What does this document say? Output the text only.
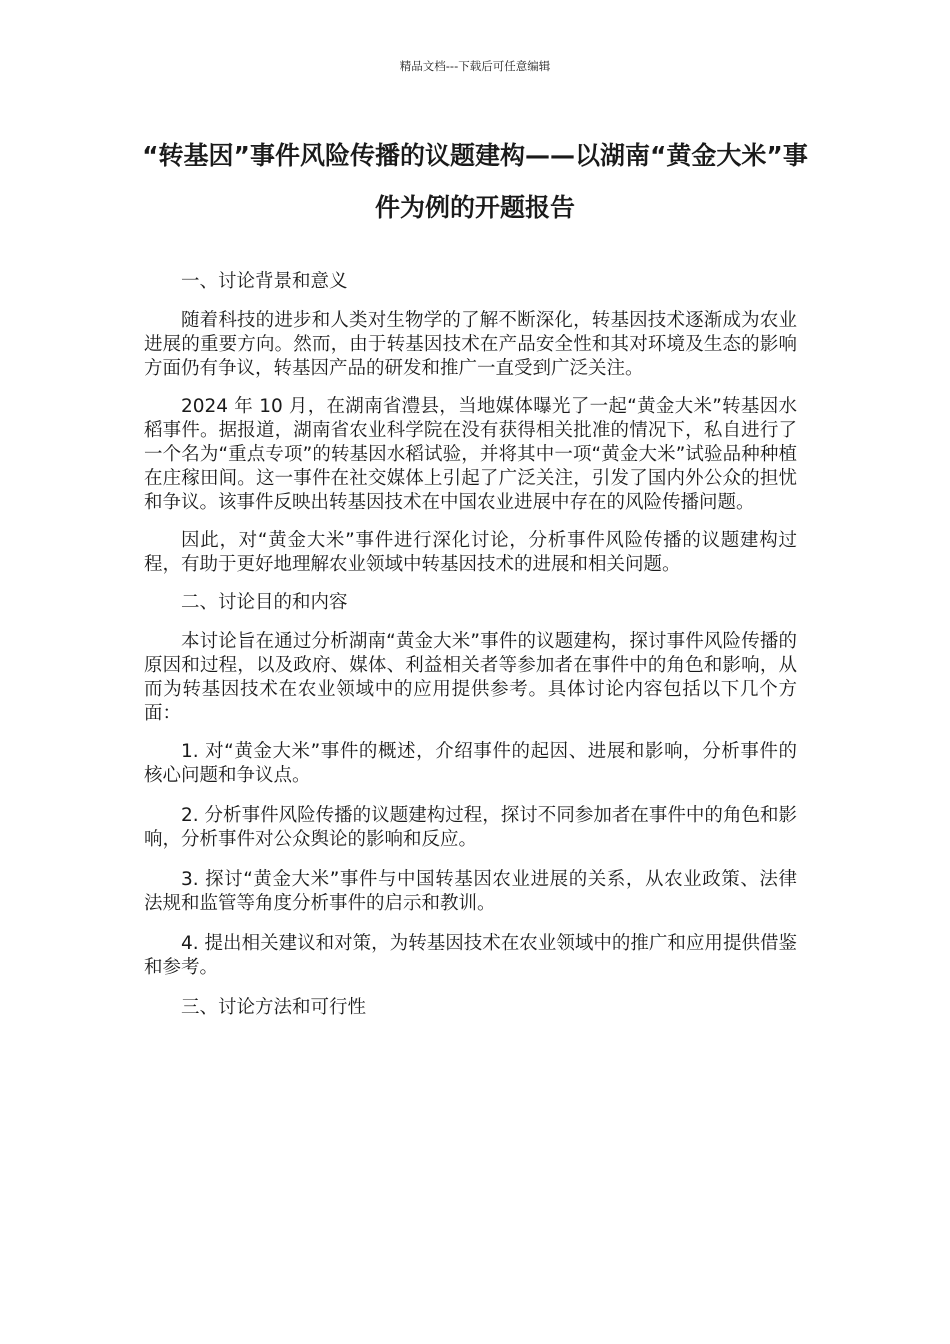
精品文档---下载后可任意编辑
“转基因”事件风险传播的议题建构——以湖南“黄金大米”事件为例的开题报告

一、讨论背景和意义

随着科技的进步和人类对生物学的了解不断深化，转基因技术逐渐成为农业进展的重要方向。然而，由于转基因技术在产品安全性和其对环境及生态的影响方面仍有争议，转基因产品的研发和推广一直受到广泛关注。

2024 年 10 月，在湖南省澧县，当地媒体曝光了一起“黄金大米”转基因水稻事件。据报道，湖南省农业科学院在没有获得相关批准的情况下，私自进行了一个名为“重点专项”的转基因水稻试验，并将其中一项“黄金大米”试验品种种植在庄稼田间。这一事件在社交媒体上引起了广泛关注，引发了国内外公众的担忧和争议。该事件反映出转基因技术在中国农业进展中存在的风险传播问题。

因此，对“黄金大米”事件进行深化讨论，分析事件风险传播的议题建构过程，有助于更好地理解农业领域中转基因技术的进展和相关问题。

二、讨论目的和内容

本讨论旨在通过分析湖南“黄金大米”事件的议题建构，探讨事件风险传播的原因和过程，以及政府、媒体、利益相关者等参加者在事件中的角色和影响，从而为转基因技术在农业领域中的应用提供参考。具体讨论内容包括以下几个方面：

1. 对“黄金大米”事件的概述，介绍事件的起因、进展和影响，分析事件的核心问题和争议点。

2. 分析事件风险传播的议题建构过程，探讨不同参加者在事件中的角色和影响，分析事件对公众舆论的影响和反应。

3. 探讨“黄金大米”事件与中国转基因农业进展的关系，从农业政策、法律法规和监管等角度分析事件的启示和教训。

4. 提出相关建议和对策，为转基因技术在农业领域中的推广和应用提供借鉴和参考。

三、讨论方法和可行性
